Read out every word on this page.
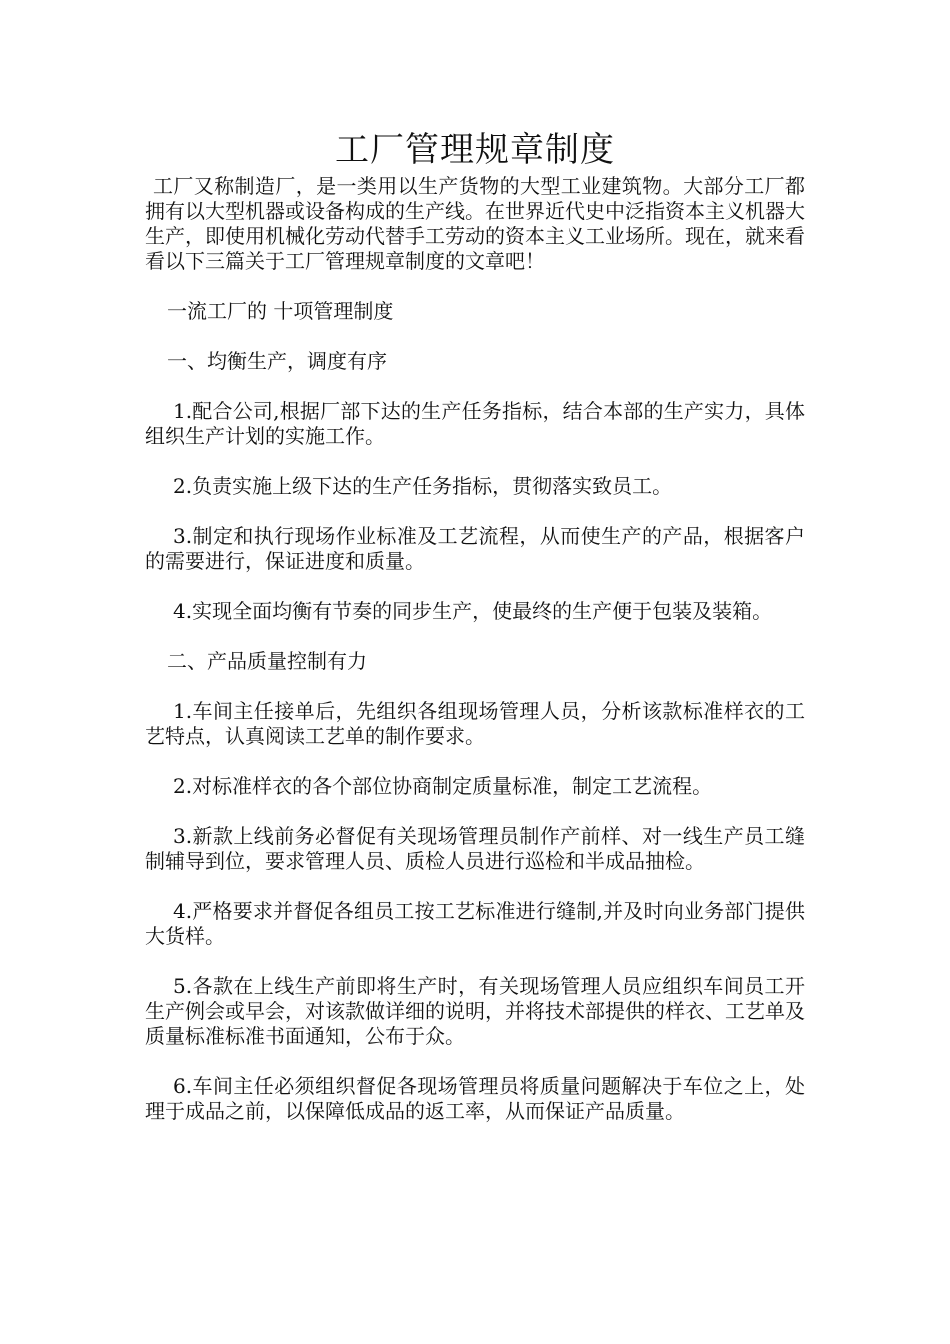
工厂管理规章制度

工厂又称制造厂，是一类用以生产货物的大型工业建筑物。大部分工厂都拥有以大型机器或设备构成的生产线。在世界近代史中泛指资本主义机器大生产，即使用机械化劳动代替手工劳动的资本主义工业场所。现在，就来看看以下三篇关于工厂管理规章制度的文章吧！

一流工厂的 十项管理制度

一、均衡生产，调度有序

1.配合公司,根据厂部下达的生产任务指标，结合本部的生产实力，具体组织生产计划的实施工作。

2.负责实施上级下达的生产任务指标，贯彻落实致员工。

3.制定和执行现场作业标准及工艺流程，从而使生产的产品，根据客户的需要进行，保证进度和质量。

4.实现全面均衡有节奏的同步生产，使最终的生产便于包装及装箱。

二、产品质量控制有力

1.车间主任接单后，先组织各组现场管理人员，分析该款标准样衣的工艺特点，认真阅读工艺单的制作要求。

2.对标准样衣的各个部位协商制定质量标准，制定工艺流程。

3.新款上线前务必督促有关现场管理员制作产前样、对一线生产员工缝制辅导到位，要求管理人员、质检人员进行巡检和半成品抽检。

4.严格要求并督促各组员工按工艺标准进行缝制,并及时向业务部门提供大货样。

5.各款在上线生产前即将生产时，有关现场管理人员应组织车间员工开生产例会或早会，对该款做详细的说明，并将技术部提供的样衣、工艺单及质量标准标准书面通知，公布于众。

6.车间主任必须组织督促各现场管理员将质量问题解决于车位之上，处理于成品之前，以保障低成品的返工率，从而保证产品质量。
